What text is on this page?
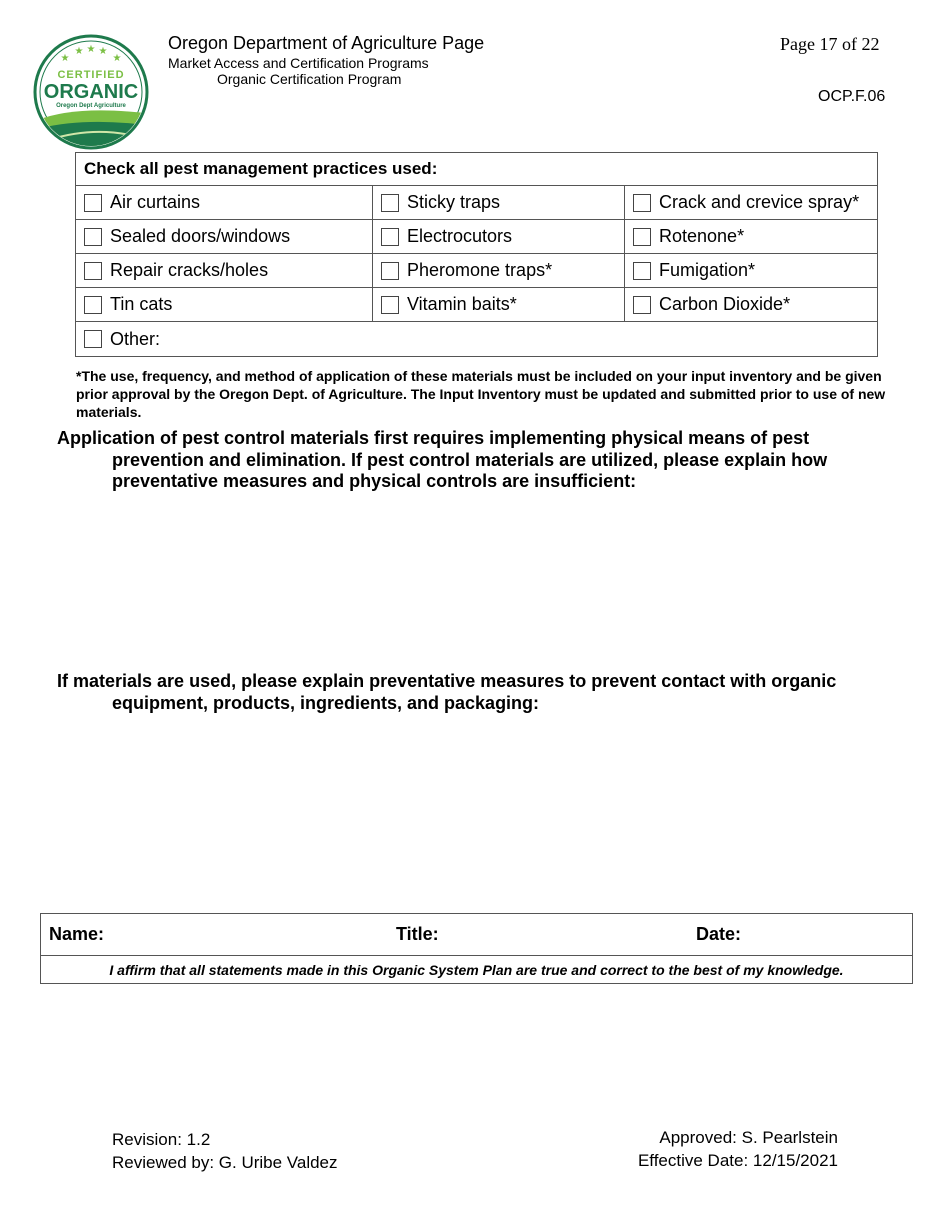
★
★ ★ ★
★
CERTIFIED
ORGANIC
Oregon Dept Agriculture
Oregon Department of Agriculture Page
Market Access and Certification Programs
Organic Certification Program
Page 17 of 22
OCP.F.06
Check all pest management practices used:
Air curtains	Sticky traps	Crack and crevice spray*
Sealed doors/windows	Electrocutors	Rotenone*
Repair cracks/holes	Pheromone traps*	Fumigation*
Tin cats	Vitamin baits*	Carbon Dioxide*
Other:
*The use, frequency, and method of application of these materials must be included on your input inventory and be given prior approval by the Oregon Dept. of Agriculture. The Input Inventory must be updated and submitted prior to use of new materials.
Application of pest control materials first requires implementing physical means of pest
prevention and elimination. If pest control materials are utilized, please explain how preventative measures and physical controls are insufficient:
If materials are used, please explain preventative measures to prevent contact with organic
equipment, products, ingredients, and packaging:
Name:	Title:	Date:
I affirm that all statements made in this Organic System Plan are true and correct to the best of my knowledge.
Revision: 1.2
Reviewed by: G. Uribe Valdez
Approved: S. Pearlstein
Effective Date: 12/15/2021
